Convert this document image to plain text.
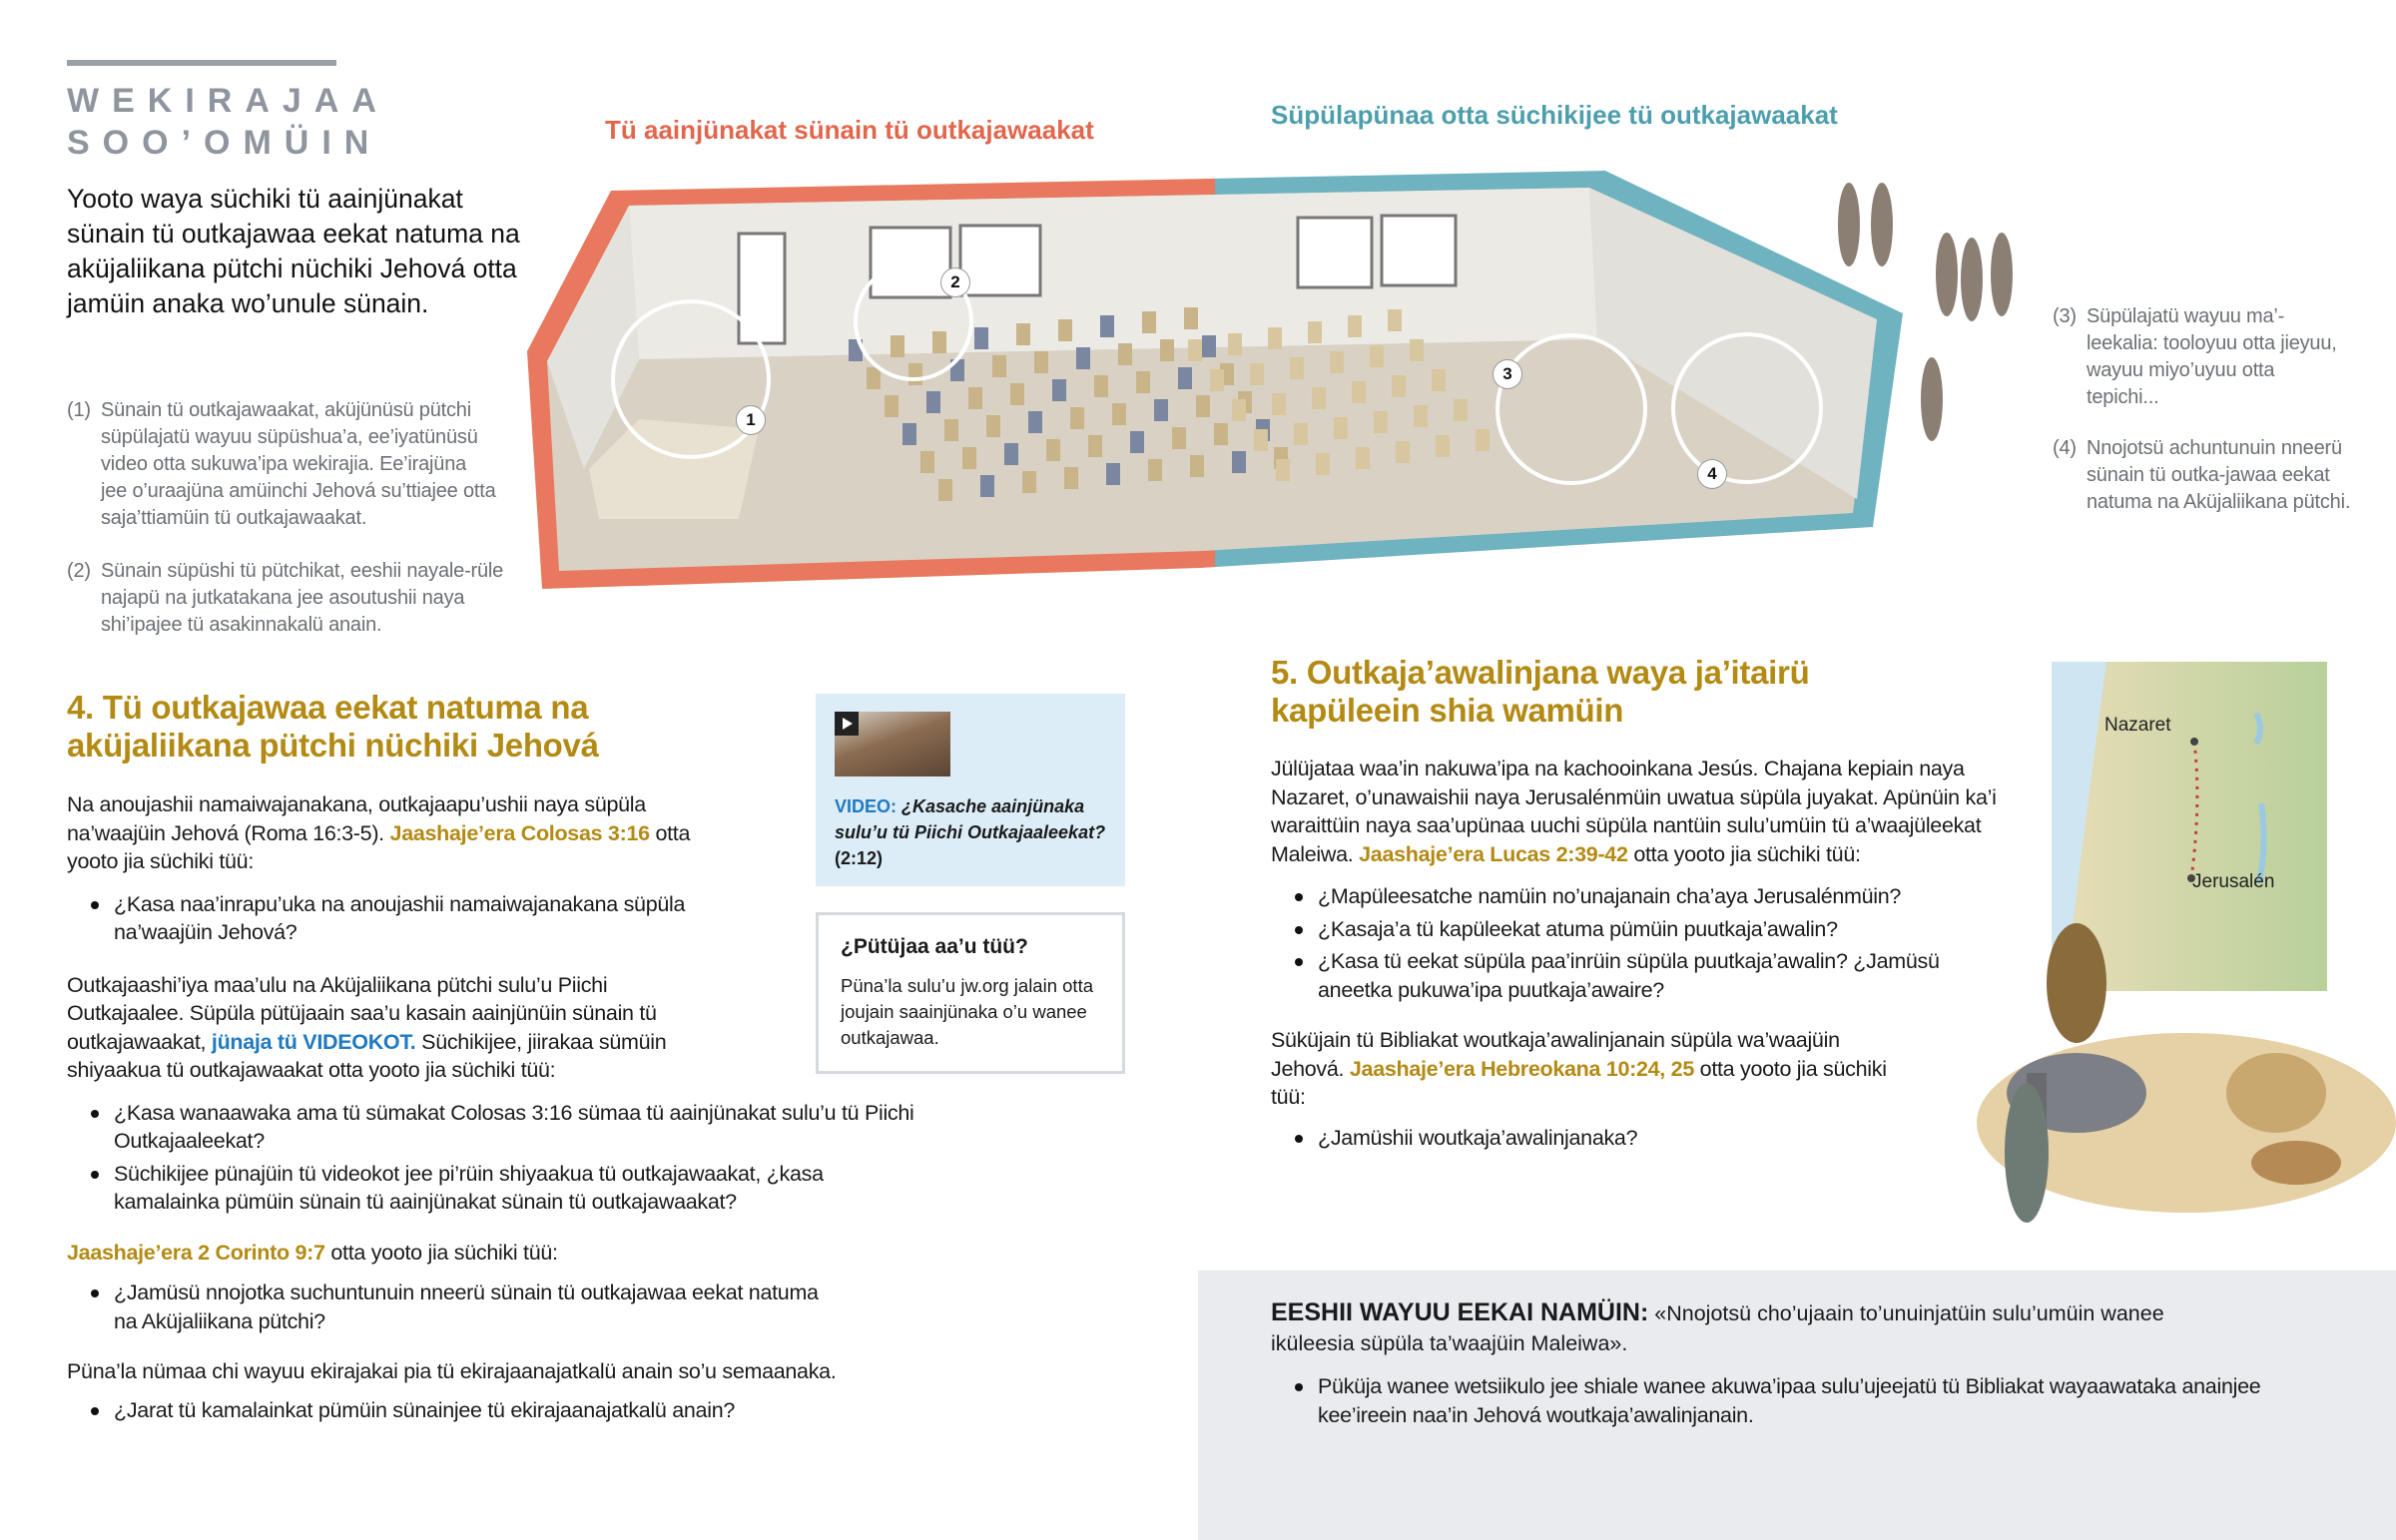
WEKIRAJAA
SOO’OMÜIN
Yooto waya süchiki tü aainjünakat sünain tü outkajawaa eekat natuma na aküjaliikana pütchi nüchiki Jehová otta jamüin anaka wo’unule sünain.
(1) Sünain tü outkajawaakat, aküjünüsü pütchi süpülajatü wayuu süpüshua’a, ee’iyatünüsü video otta sukuwa’ipa wekirajia. Ee’irajüna jee o’uraajüna amüinchi Jehová su’ttiajee otta saja’ttiamüin tü outkajawaakat.
(2) Sünain süpüshi tü pütchikat, eeshii nayale-rüle najapü na jutkatakana jee asoutushii naya shi’ipajee tü asakinnakalü anain.
(3) Süpülajatü wayuu ma’-leekalia: tooloyuu otta jieyuu, wayuu miyo’uyuu otta tepichi...
(4) Nnojotsü achuntunuin nneerü sünain tü outka-jawaa eekat natuma na Aküjaliikana pütchi.
Tü aainjünakat sünain tü outkajawaakat	Süpülapünaa otta süchikijee tü outkajawaakat
1
2
3
4
4. Tü outkajawaa eekat natuma na aküjaliikana pütchi nüchiki Jehová

Na anoujashii namaiwajanakana, outkajaapu’ushii naya süpüla na’waajüin Jehová (Roma 16:3-5). Jaashaje’era Colosas 3:16 otta yooto jia süchiki tüü:

¿Kasa naa’inrapu’uka na anoujashii namaiwajanakana süpüla na’waajüin Jehová?

Outkajaashi’iya maa’ulu na Aküjaliikana pütchi sulu’u Piichi Outkajaalee. Süpüla pütüjaain saa’u kasain aainjünüin sünain tü outkajawaakat, jünaja tü VIDEOKOT. Süchikijee, jiirakaa sümüin shiyaakua tü outkajawaakat otta yooto jia süchiki tüü:

¿Kasa wanaawaka ama tü sümakat Colosas 3:16 sümaa tü aainjünakat sulu’u tü Piichi Outkajaaleekat?
Süchikijee pünajüin tü videokot jee pi’rüin shiyaakua tü outkajawaakat, ¿kasa kamalainka pümüin sünain tü aainjünakat sünain tü outkajawaakat?

Jaashaje’era 2 Corinto 9:7 otta yooto jia süchiki tüü:

¿Jamüsü nnojotka suchuntunuin nneerü sünain tü outkajawaa eekat natuma na Aküjaliikana pütchi?

Püna’la nümaa chi wayuu ekirajakai pia tü ekirajaanajatkalü anain so’u semaanaka.

¿Jarat tü kamalainkat pümüin sünainjee tü ekirajaanajatkalü anain?
VIDEO: ¿Kasache aainjünaka sulu’u tü Piichi Outkajaaleekat?
(2:12)
¿Pütüjaa aa’u tüü?
Püna’la sulu’u jw.org jalain otta joujain saainjünaka o’u wanee outkajawaa.
5. Outkaja’awalinjana waya ja’itairü kapüleein shia wamüin

Jülüjataa waa’in nakuwa’ipa na kachooinkana Jesús. Chajana kepiain naya Nazaret, o’unawaishii naya Jerusalénmüin uwatua süpüla juyakat. Apünüin ka’i waraittüin naya saa’upünaa uuchi süpüla nantüin sulu’umüin tü a’waajüleekat Maleiwa. Jaashaje’era Lucas 2:39-42 otta yooto jia süchiki tüü:

¿Mapüleesatche namüin no’unajanain cha’aya Jerusalénmüin?
¿Kasaja’a tü kapüleekat atuma pümüin puutkaja’awalin?
¿Kasa tü eekat süpüla paa’inrüin süpüla puutkaja’awalin? ¿Jamüsü aneetka pukuwa’ipa puutkaja’awaire?

Süküjain tü Bibliakat woutkaja’awalinjanain süpüla wa’waajüin Jehová. Jaashaje’era Hebreokana 10:24, 25 otta yooto jia süchiki tüü:

¿Jamüshii woutkaja’awalinjanaka?
Nazaret
Jerusalén
EESHII WAYUU EEKAI NAMÜIN: «Nnojotsü cho’ujaain to’unuinjatüin sulu’umüin wanee iküleesia süpüla ta’waajüin Maleiwa».
Püküja wanee wetsiikulo jee shiale wanee akuwa’ipaa sulu’ujeejatü tü Bibliakat wayaawataka anainjee kee’ireein naa’in Jehová woutkaja’awalinjanain.
